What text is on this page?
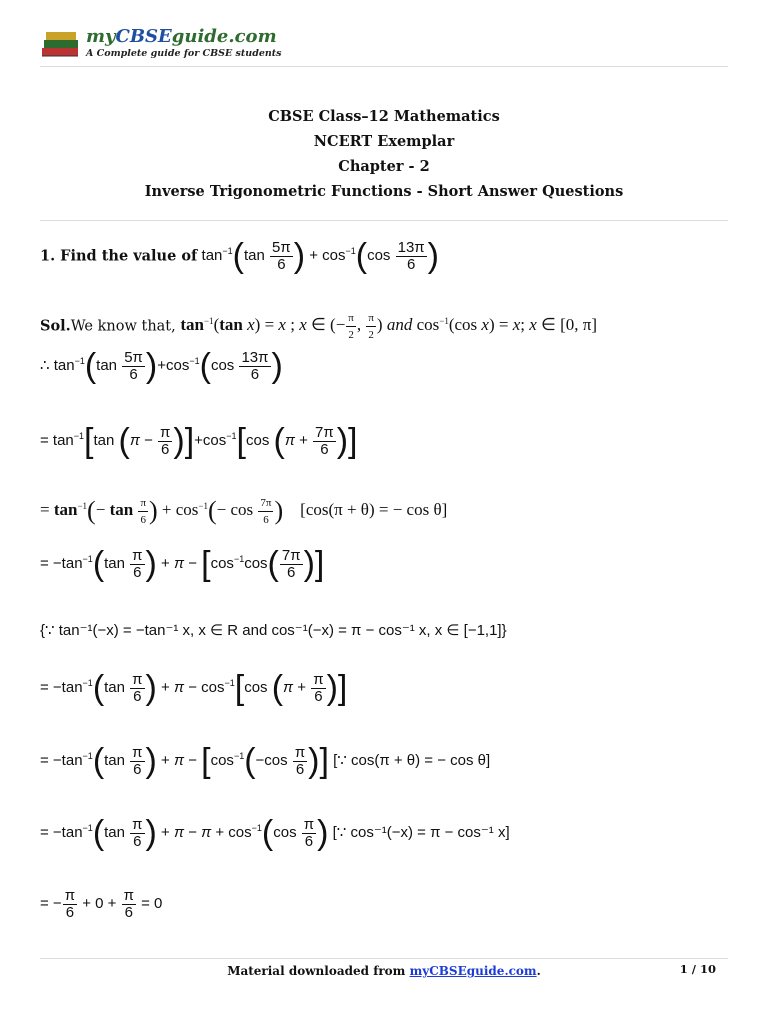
myCBSEguide.com
A Complete guide for CBSE students
CBSE Class–12 Mathematics
NCERT Exemplar
Chapter - 2
Inverse Trigonometric Functions - Short Answer Questions
1. Find the value of $\tan^{-1}(\tan \frac{5\pi}{6}$ ) + $\cos^{-1}(\cos \frac{13\pi}{6}$ )
Sol.We know that, $\tan^{-1}(\tan$ x) = x ; x ∈ (− $\frac{\pi}{2}$ , $\frac{\pi}{2}$ ) and $\cos^{-1}(\cos$ x) = x; x ∈ [0, π]
∴ $\tan^{-1}(\tan \frac{5\pi}{6} )+\cos^{-1}(\cos \frac{13\pi}{6}$ )
= $\tan^{-1}[\tan$ $(\pi - \frac{\pi}{6} )]+\cos^{-1}[\cos$ ($\pi + \frac{7\pi}{6}$ )]
= $\tan^{-1}(- \tan \frac{\pi}{6}$ ) + $\cos^{-1}(- \cos \frac{7\pi}{6}$ ) [cos(π + θ) = − cos θ]
= $-\tan^{-1}(\tan \frac{\pi}{6}$ ) + $\pi - [\cos^{-1}\cos( \frac{7\pi}{6}$ )]
{∵ tan⁻¹(−x) = −tan⁻¹ x, x ∈ R and cos⁻¹(−x) = π − cos⁻¹ x, x ∈ [−1,1]}
= $-\tan^{-1}(\tan \frac{\pi}{6}$ ) + $\pi - \cos^{-1}[\cos$ ($\pi + \frac{\pi}{6}$ )]
= $-\tan^{-1}(\tan \frac{\pi}{6}$ ) + $\pi - [\cos^{-1}(-\cos \frac{\pi}{6}$ )] [∵ cos(π + θ) = − cos θ]
= $-\tan^{-1}(\tan \frac{\pi}{6}$ ) + $\pi - \pi + \cos^{-1}(\cos \frac{\pi}{6}$ ) [∵ cos⁻¹(−x) = π − cos⁻¹ x]
= − $\frac{\pi}{6} + 0 + \frac{\pi}{6} = 0$
Material downloaded from myCBSEguide.com.	1 / 10
